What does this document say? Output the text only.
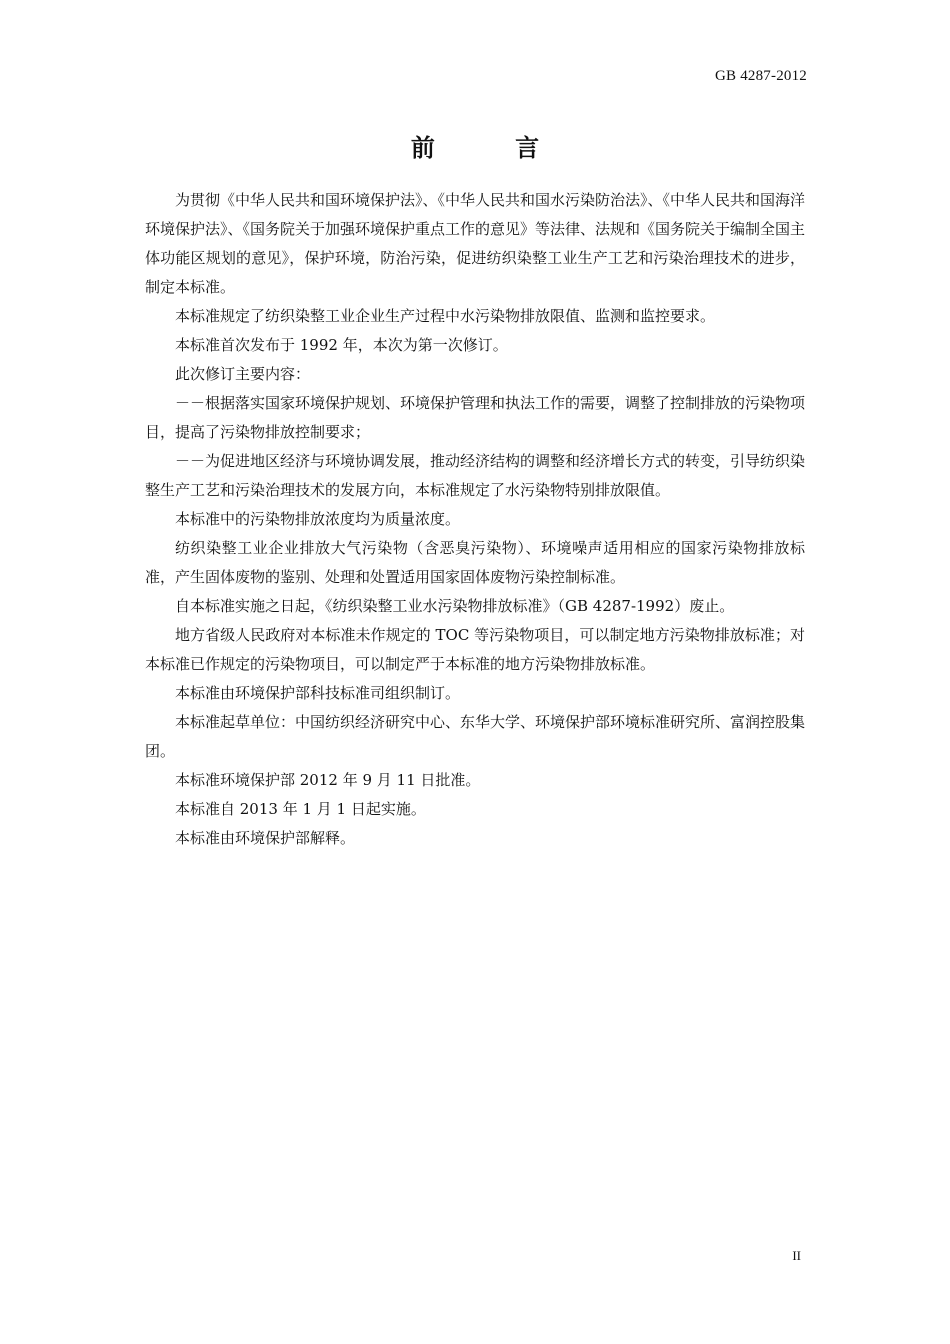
GB 4287-2012
前 言

为贯彻《中华人民共和国环境保护法》、《中华人民共和国水污染防治法》、《中华人民共和国海洋环境保护法》、《国务院关于加强环境保护重点工作的意见》等法律、法规和《国务院关于编制全国主体功能区规划的意见》，保护环境，防治污染，促进纺织染整工业生产工艺和污染治理技术的进步，制定本标准。

本标准规定了纺织染整工业企业生产过程中水污染物排放限值、监测和监控要求。

本标准首次发布于 1992 年，本次为第一次修订。

此次修订主要内容：

－－根据落实国家环境保护规划、环境保护管理和执法工作的需要，调整了控制排放的污染物项目，提高了污染物排放控制要求；

－－为促进地区经济与环境协调发展，推动经济结构的调整和经济增长方式的转变，引导纺织染整生产工艺和污染治理技术的发展方向，本标准规定了水污染物特别排放限值。

本标准中的污染物排放浓度均为质量浓度。

纺织染整工业企业排放大气污染物（含恶臭污染物）、环境噪声适用相应的国家污染物排放标准，产生固体废物的鉴别、处理和处置适用国家固体废物污染控制标准。

自本标准实施之日起，《纺织染整工业水污染物排放标准》（GB 4287-1992）废止。

地方省级人民政府对本标准未作规定的 TOC 等污染物项目，可以制定地方污染物排放标准；对本标准已作规定的污染物项目，可以制定严于本标准的地方污染物排放标准。

本标准由环境保护部科技标准司组织制订。

本标准起草单位：中国纺织经济研究中心、东华大学、环境保护部环境标准研究所、富润控股集团。

本标准环境保护部 2012 年 9 月 11 日批准。

本标准自 2013 年 1 月 1 日起实施。

本标准由环境保护部解释。

II
